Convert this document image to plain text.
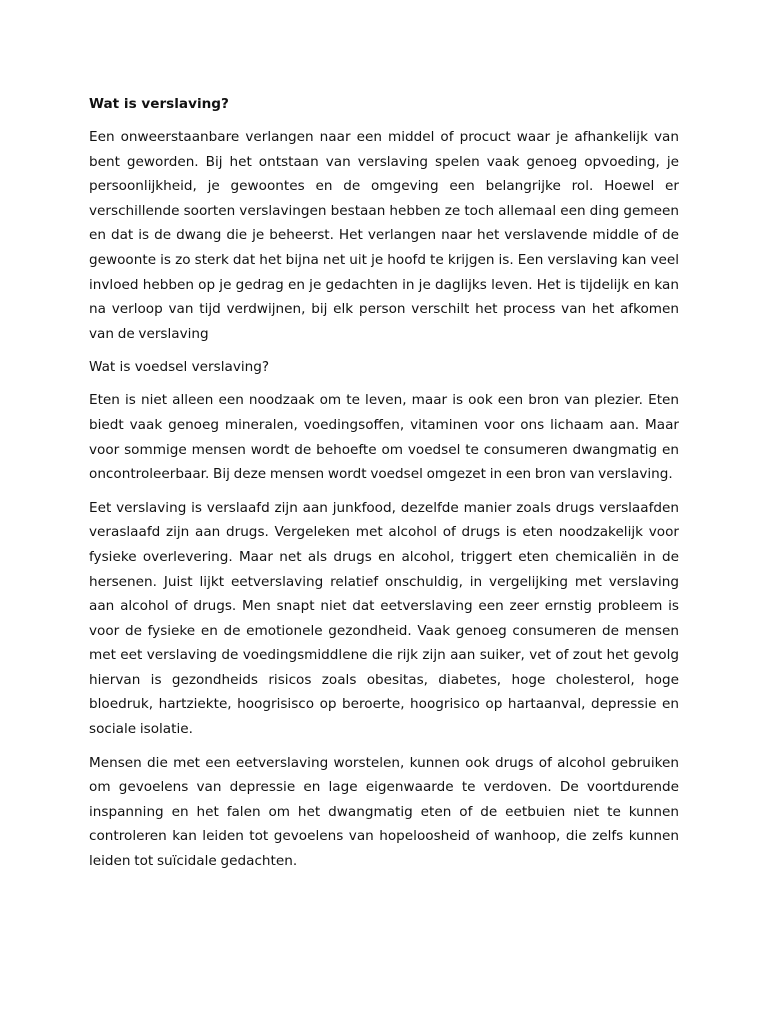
Wat is verslaving?

Een onweerstaanbare verlangen naar een middel of procuct waar je afhankelijk van bent geworden. Bij het ontstaan van verslaving spelen vaak genoeg opvoeding, je persoonlijkheid, je gewoontes en de omgeving een belangrijke rol. Hoewel er verschillende soorten verslavingen bestaan hebben ze toch allemaal een ding gemeen en dat is de dwang die je beheerst. Het verlangen naar het verslavende middle of de gewoonte is zo sterk dat het bijna net uit je hoofd te krijgen is. Een verslaving kan veel invloed hebben op je gedrag en je gedachten in je daglijks leven. Het is tijdelijk en kan na verloop van tijd verdwijnen, bij elk person verschilt het process van het afkomen van de verslaving

Wat is voedsel verslaving?

Eten is niet alleen een noodzaak om te leven, maar is ook een bron van plezier. Eten biedt vaak genoeg mineralen, voedingsoffen, vitaminen voor ons lichaam aan. Maar voor sommige mensen wordt de behoefte om voedsel te consumeren dwangmatig en oncontroleerbaar. Bij deze mensen wordt voedsel omgezet in een bron van verslaving.

Eet verslaving is verslaafd zijn aan junkfood, dezelfde manier zoals drugs verslaafden veraslaafd zijn aan drugs. Vergeleken met alcohol of drugs is eten noodzakelijk voor fysieke overlevering. Maar net als drugs en alcohol, triggert eten chemicaliën in de hersenen. Juist lijkt eetverslaving relatief onschuldig, in vergelijking met verslaving aan alcohol of drugs. Men snapt niet dat eetverslaving een zeer ernstig probleem is voor de fysieke en de emotionele gezondheid. Vaak genoeg consumeren de mensen met eet verslaving de voedingsmiddlene die rijk zijn aan suiker, vet of zout het gevolg hiervan is gezondheids risicos zoals obesitas, diabetes, hoge cholesterol, hoge bloedruk, hartziekte, hoogrisisco op beroerte, hoogrisico op hartaanval, depressie en sociale isolatie.

Mensen die met een eetverslaving worstelen, kunnen ook drugs of alcohol gebruiken om gevoelens van depressie en lage eigenwaarde te verdoven. De voortdurende inspanning en het falen om het dwangmatig eten of de eetbuien niet te kunnen controleren kan leiden tot gevoelens van hopeloosheid of wanhoop, die zelfs kunnen leiden tot suïcidale gedachten.
